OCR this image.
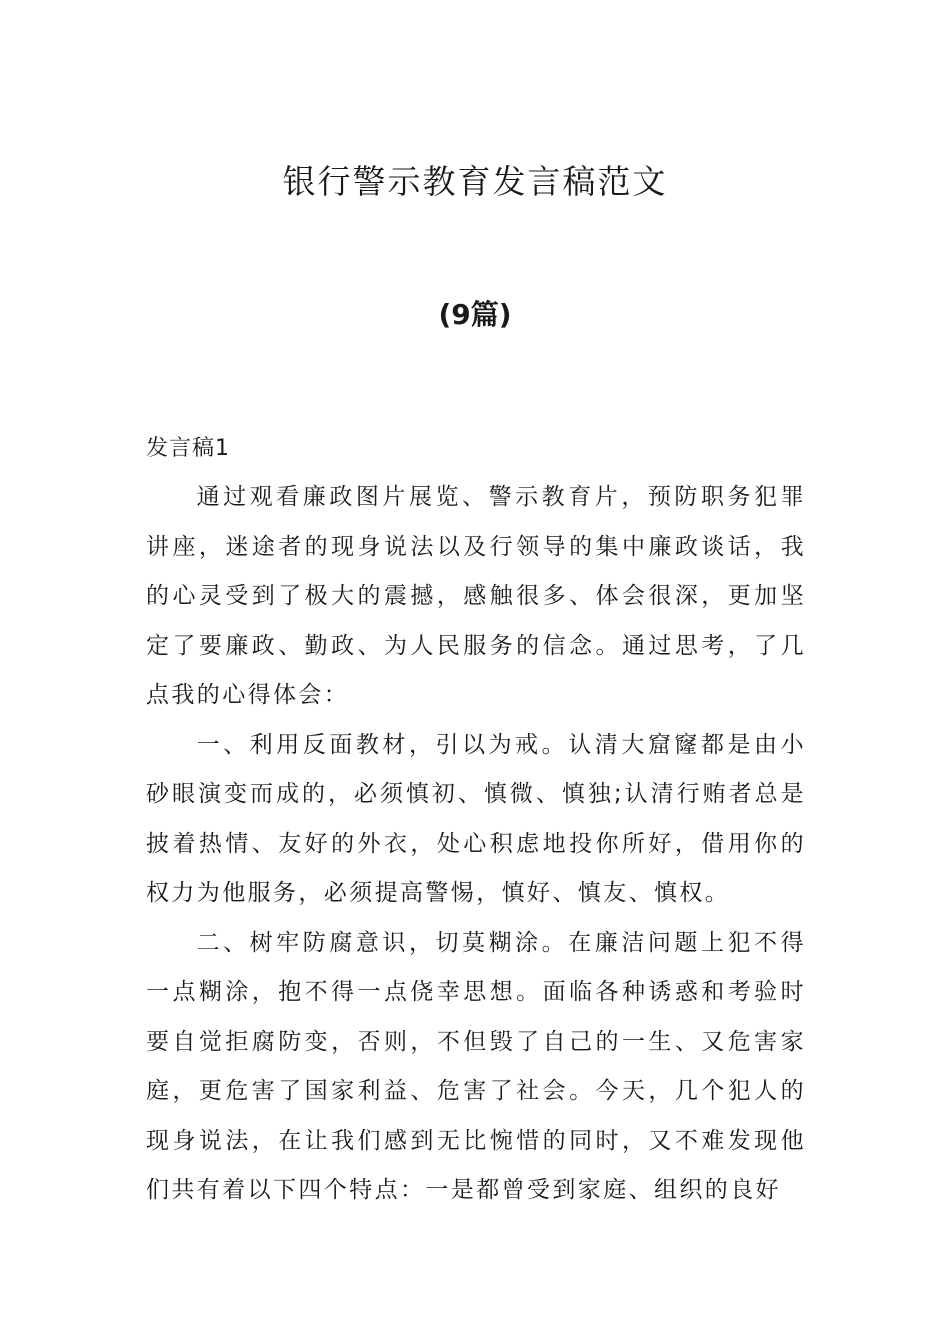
银行警示教育发言稿范文
(9篇)

发言稿1

通过观看廉政图片展览、警示教育片，预防职务犯罪讲座，迷途者的现身说法以及行领导的集中廉政谈话，我的心灵受到了极大的震撼，感触很多、体会很深，更加坚定了要廉政、勤政、为人民服务的信念。通过思考，了几点我的心得体会：

一、利用反面教材，引以为戒。认清大窟窿都是由小砂眼演变而成的，必须慎初、慎微、慎独;认清行贿者总是披着热情、友好的外衣，处心积虑地投你所好，借用你的权力为他服务，必须提高警惕，慎好、慎友、慎权。

二、树牢防腐意识，切莫糊涂。在廉洁问题上犯不得一点糊涂，抱不得一点侥幸思想。面临各种诱惑和考验时要自觉拒腐防变，否则，不但毁了自己的一生、又危害家庭，更危害了国家利益、危害了社会。今天，几个犯人的现身说法，在让我们感到无比惋惜的同时，又不难发现他们共有着以下四个特点：一是都曾受到家庭、组织的良好
